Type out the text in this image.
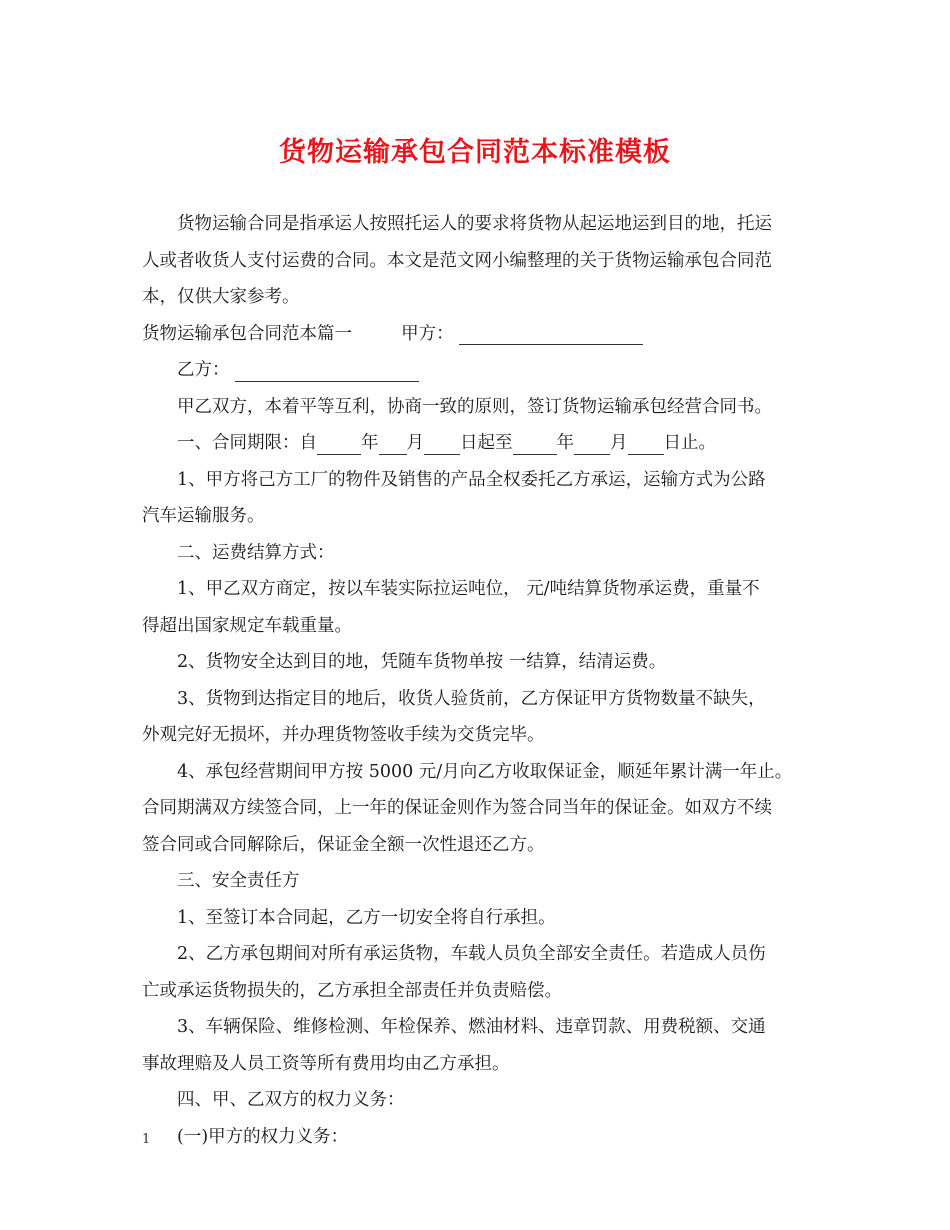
货物运输承包合同范本标准模板

货物运输合同是指承运人按照托运人的要求将货物从起运地运到目的地，托运

人或者收货人支付运费的合同。本文是范文网小编整理的关于货物运输承包合同范

本，仅供大家参考。

货物运输承包合同范本篇一	甲方：

乙方：

甲乙双方，本着平等互利，协商一致的原则，签订货物运输承包经营合同书。

一、合同期限：自	年 月 日起至	年 月 日止。

1、甲方将己方工厂的物件及销售的产品全权委托乙方承运，运输方式为公路

汽车运输服务。

二、运费结算方式：

1、甲乙双方商定，按以车装实际拉运吨位， 元/吨结算货物承运费，重量不

得超出国家规定车载重量。

2、货物安全达到目的地，凭随车货物单按 一结算，结清运费。

3、货物到达指定目的地后，收货人验货前，乙方保证甲方货物数量不缺失，

外观完好无损坏，并办理货物签收手续为交货完毕。

4、承包经营期间甲方按 5000 元/月向乙方收取保证金，顺延年累计满一年止。

合同期满双方续签合同，上一年的保证金则作为签合同当年的保证金。如双方不续

签合同或合同解除后，保证金全额一次性退还乙方。

三、安全责任方

1、至签订本合同起，乙方一切安全将自行承担。

2、乙方承包期间对所有承运货物，车载人员负全部安全责任。若造成人员伤

亡或承运货物损失的，乙方承担全部责任并负责赔偿。

3、车辆保险、维修检测、年检保养、燃油材料、违章罚款、用费税额、交通

事故理赔及人员工资等所有费用均由乙方承担。

四、甲、乙双方的权力义务：

(一)甲方的权力义务：

1
